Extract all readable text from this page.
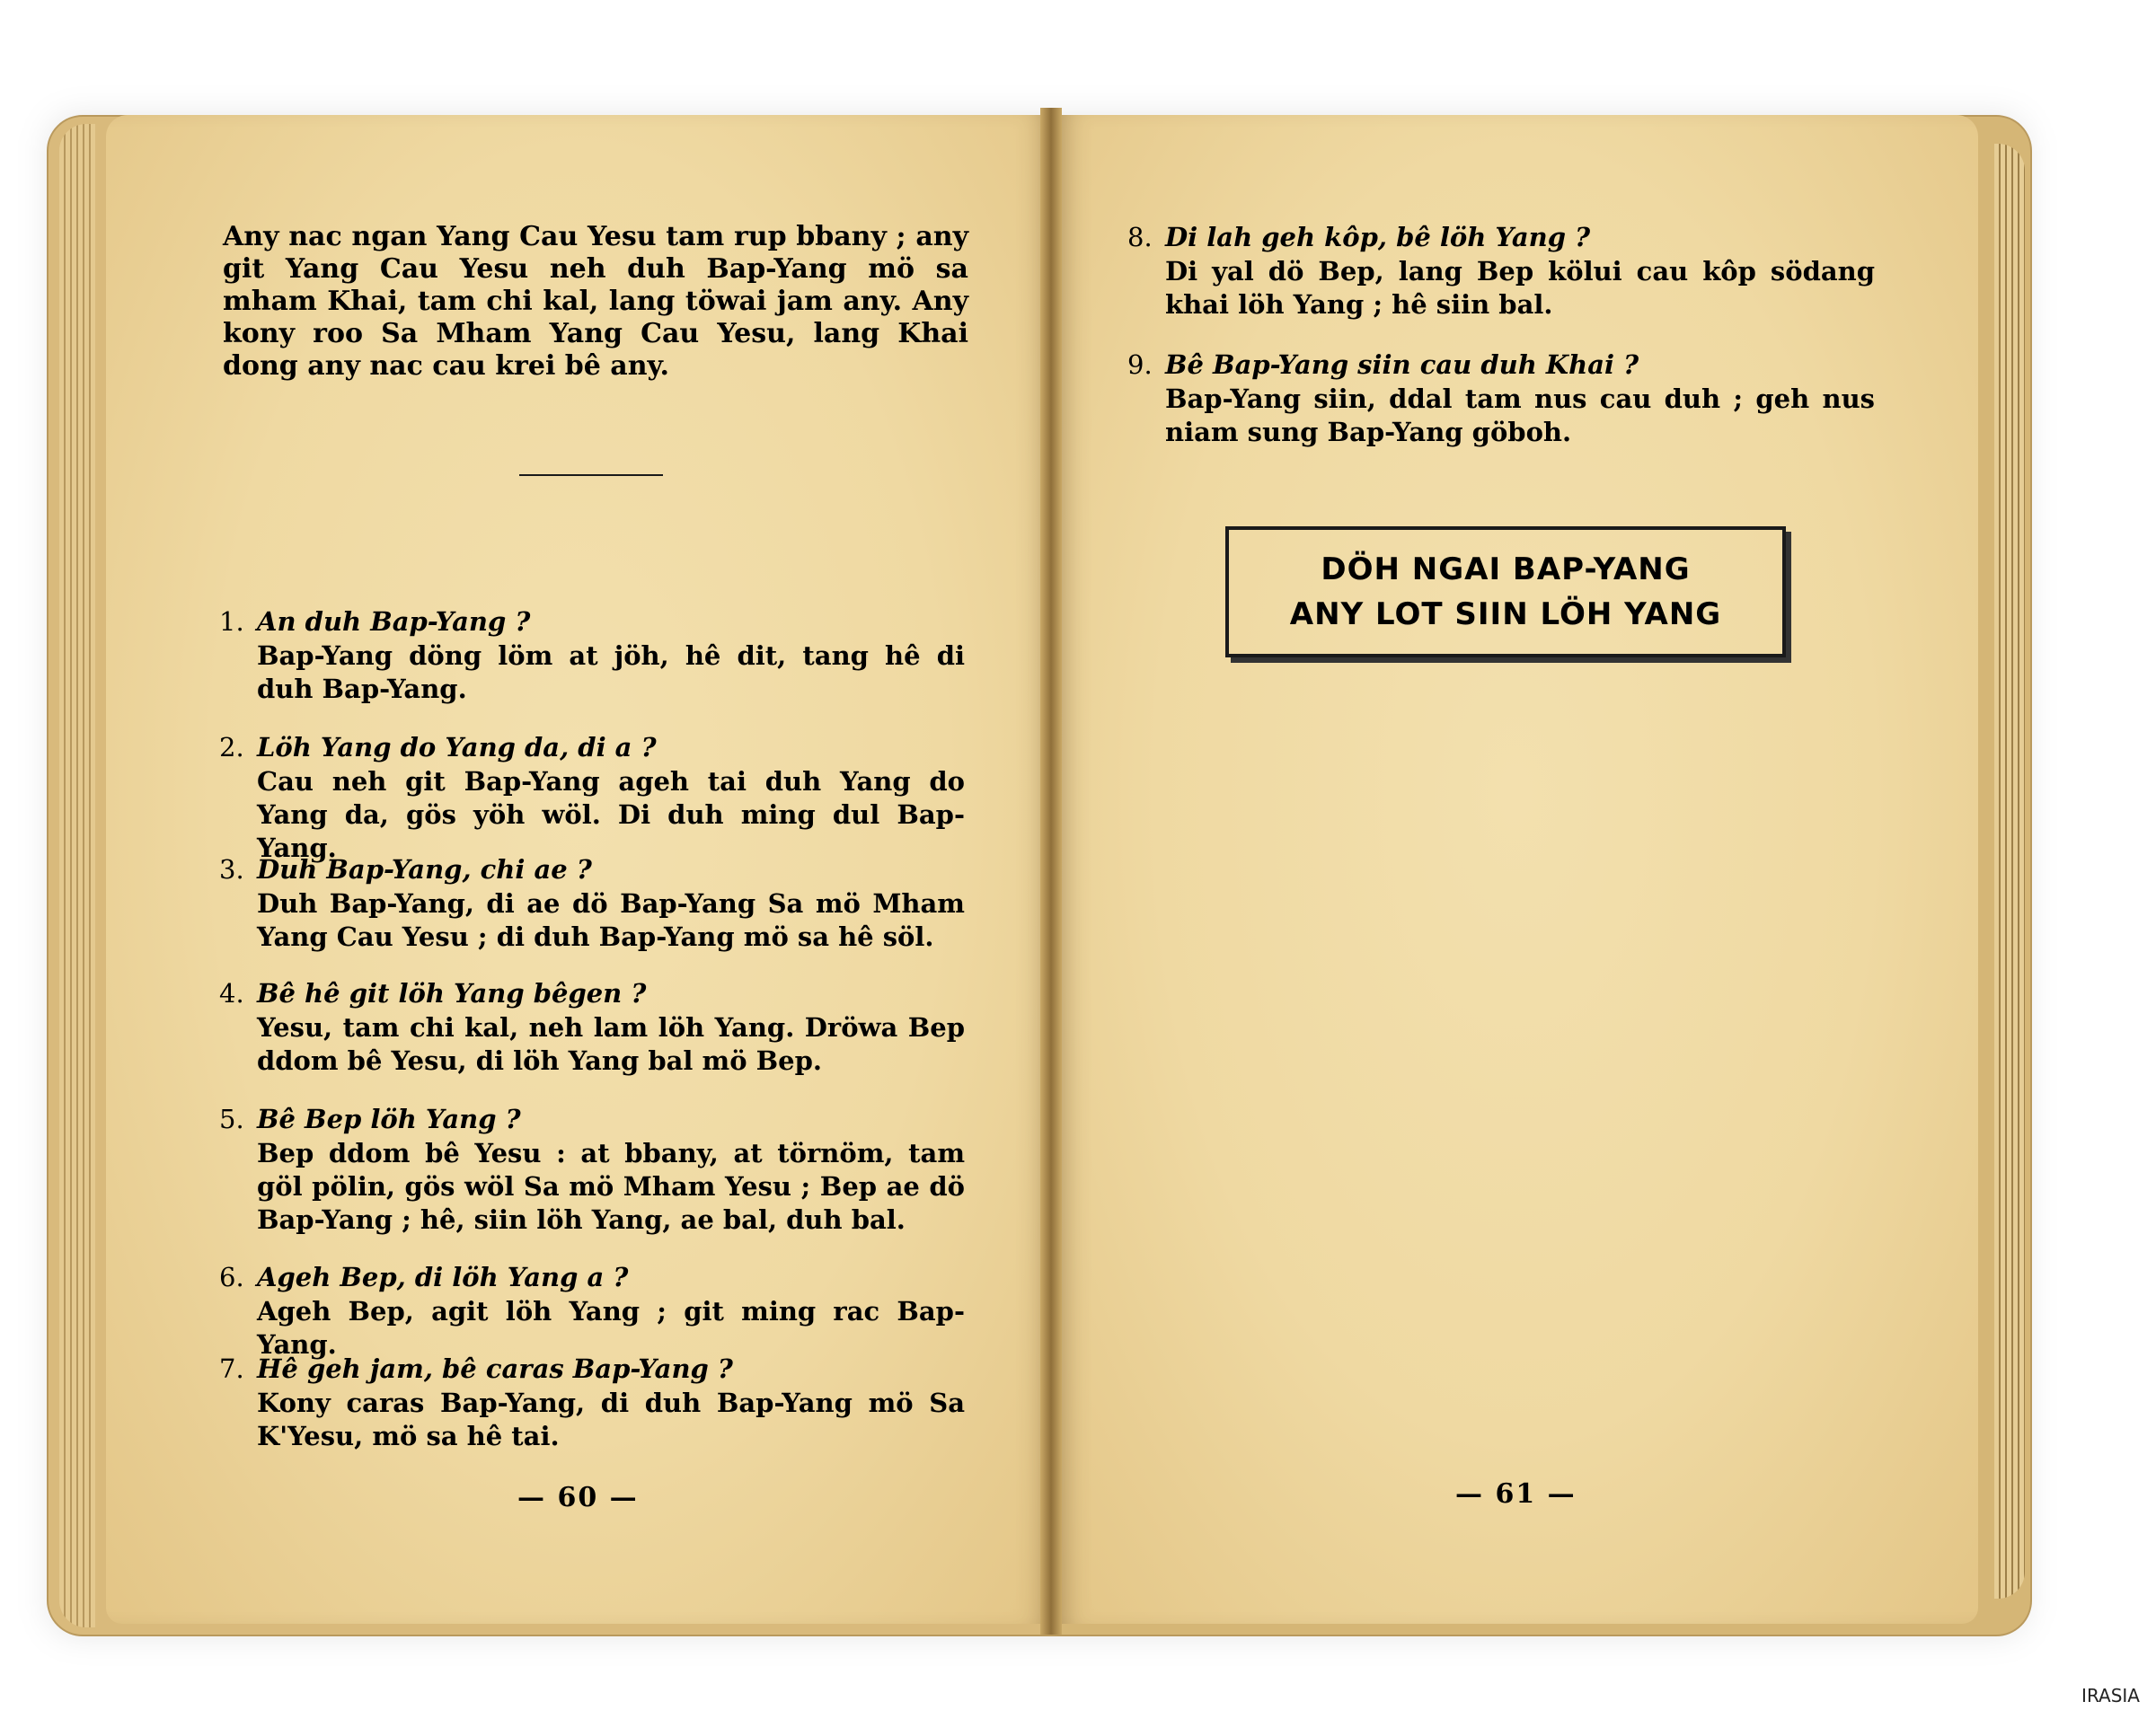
Any nac ngan Yang Cau Yesu tam rup bbany ; any git Yang Cau Yesu neh duh Bap-Yang mö sa mham Khai, tam chi kal, lang töwai jam any. Any kony roo Sa Mham Yang Cau Yesu, lang Khai dong any nac cau krei bê any.
1. An duh Bap-Yang ?
Bap-Yang döng löm at jöh, hê dit, tang hê di duh Bap-Yang.
2. Löh Yang do Yang da, di a ?
Cau neh git Bap-Yang ageh tai duh Yang do Yang da, gös yöh wöl. Di duh ming dul Bap-Yang.
3. Duh Bap-Yang, chi ae ?
Duh Bap-Yang, di ae dö Bap-Yang Sa mö Mham Yang Cau Yesu ; di duh Bap-Yang mö sa hê söl.
4. Bê hê git löh Yang bêgen ?
Yesu, tam chi kal, neh lam löh Yang. Dröwa Bep ddom bê Yesu, di löh Yang bal mö Bep.
5. Bê Bep löh Yang ?
Bep ddom bê Yesu : at bbany, at törnöm, tam göl pölin, gös wöl Sa mö Mham Yesu ; Bep ae dö Bap-Yang ; hê, siin löh Yang, ae bal, duh bal.
6. Ageh Bep, di löh Yang a ?
Ageh Bep, agit löh Yang ; git ming rac Bap-Yang.
7. Hê geh jam, bê caras Bap-Yang ?
Kony caras Bap-Yang, di duh Bap-Yang mö Sa K'Yesu, mö sa hê tai.
— 60 —
8. Di lah geh kôp, bê löh Yang ?
Di yal dö Bep, lang Bep kölui cau kôp södang khai löh Yang ; hê siin bal.
9. Bê Bap-Yang siin cau duh Khai ?
Bap-Yang siin, ddal tam nus cau duh ; geh nus niam sung Bap-Yang göboh.
DÖH NGAI BAP-YANG
ANY LOT SIIN LÖH YANG
— 61 —
IRASIA
